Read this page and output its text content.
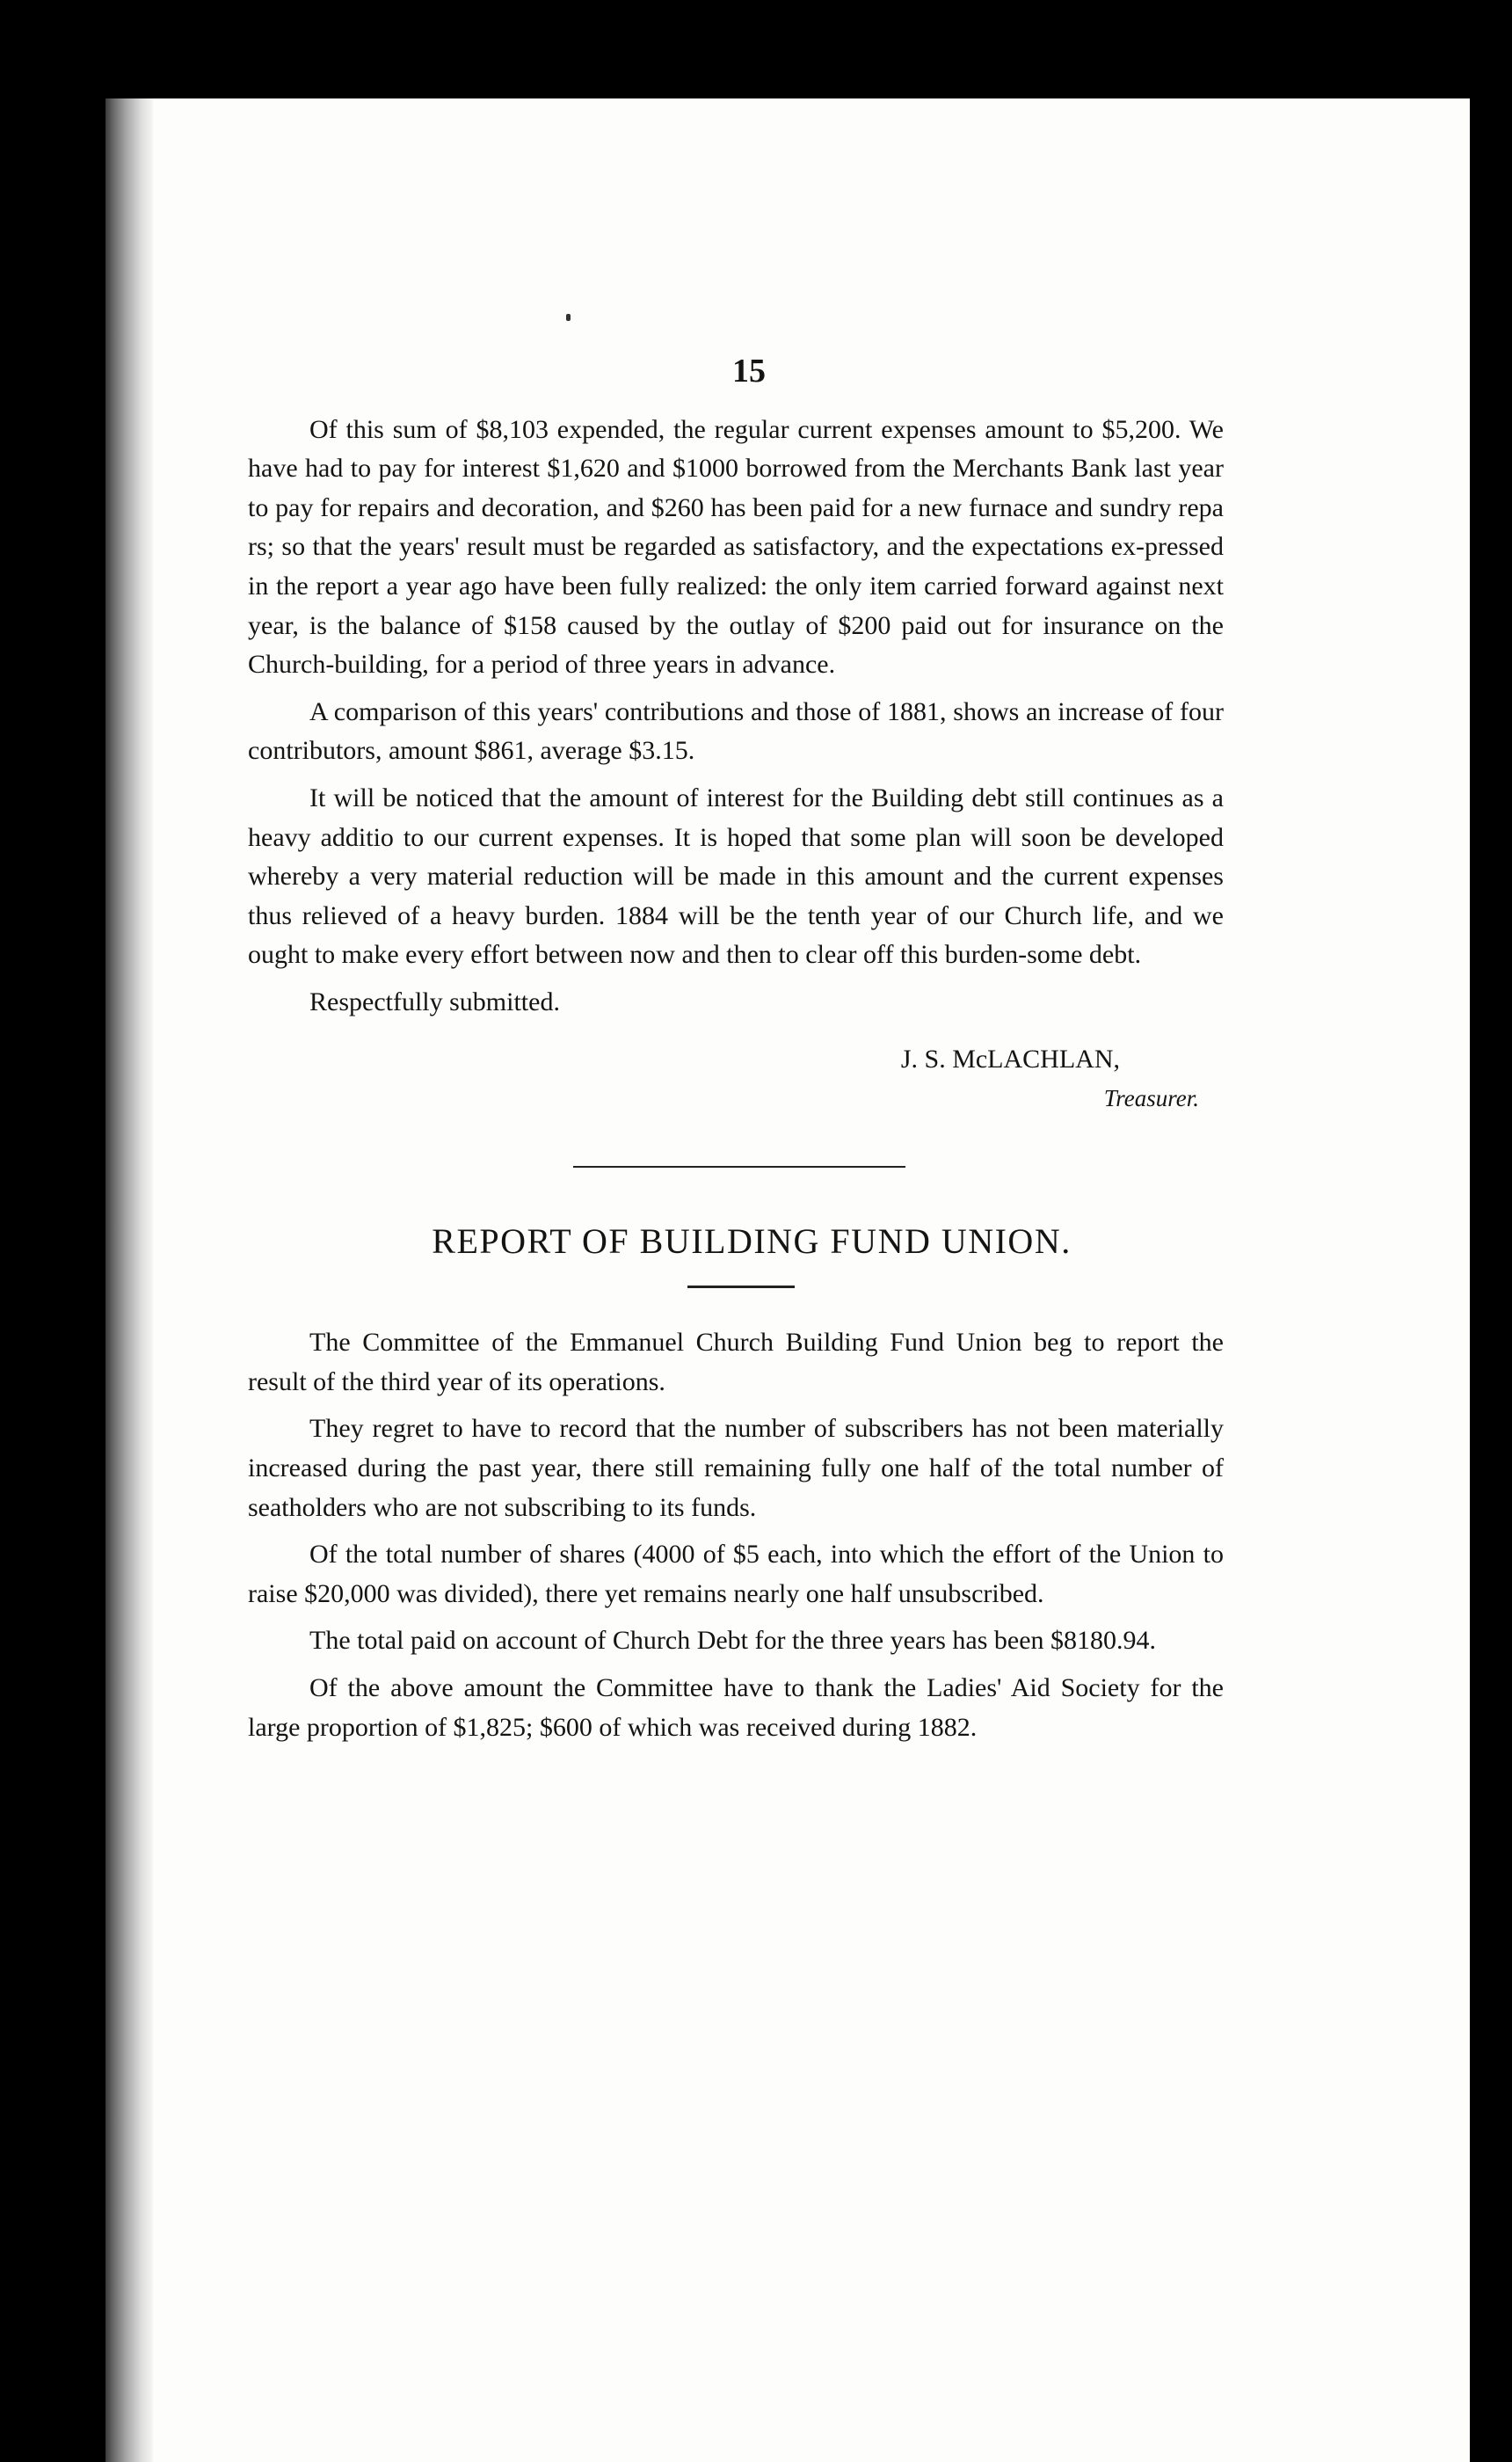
15

Of this sum of $8,103 expended, the regular current expenses amount to $5,200. We have had to pay for interest $1,620 and $1000 borrowed from the Merchants Bank last year to pay for repairs and decoration, and $260 has been paid for a new furnace and sundry repa rs; so that the years' result must be regarded as satisfactory, and the expectations ex-pressed in the report a year ago have been fully realized: the only item carried forward against next year, is the balance of $158 caused by the outlay of $200 paid out for insurance on the Church-building, for a period of three years in advance.

A comparison of this years' contributions and those of 1881, shows an increase of four contributors, amount $861, average $3.15.

It will be noticed that the amount of interest for the Building debt still continues as a heavy additio to our current expenses. It is hoped that some plan will soon be developed whereby a very material reduction will be made in this amount and the current expenses thus relieved of a heavy burden. 1884 will be the tenth year of our Church life, and we ought to make every effort between now and then to clear off this burden-some debt.

Respectfully submitted.

J. S. McLACHLAN,
Treasurer.
REPORT OF BUILDING FUND UNION.

The Committee of the Emmanuel Church Building Fund Union beg to report the result of the third year of its operations.

They regret to have to record that the number of subscribers has not been materially increased during the past year, there still remaining fully one half of the total number of seatholders who are not subscribing to its funds.

Of the total number of shares (4000 of $5 each, into which the effort of the Union to raise $20,000 was divided), there yet remains nearly one half unsubscribed.

The total paid on account of Church Debt for the three years has been $8180.94.

Of the above amount the Committee have to thank the Ladies' Aid Society for the large proportion of $1,825; $600 of which was received during 1882.
